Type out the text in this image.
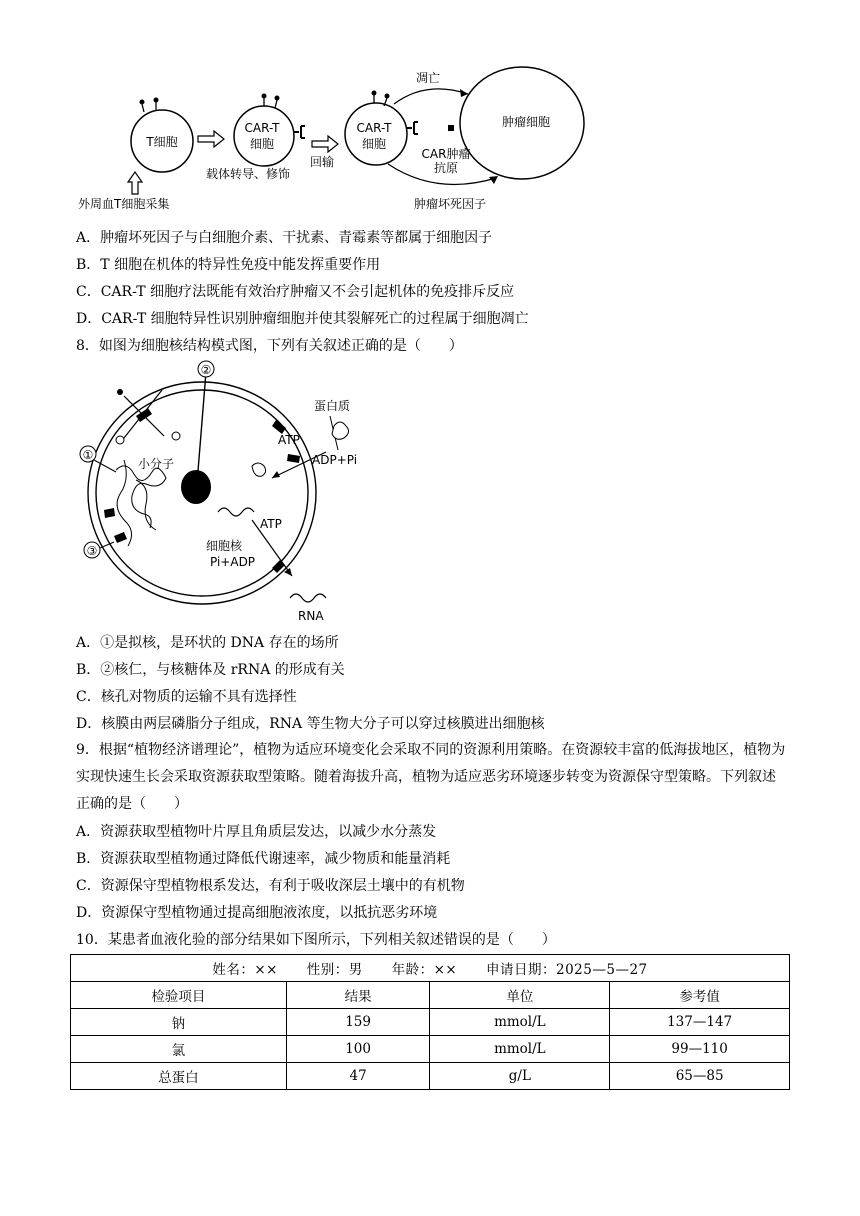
T细胞
CAR-T
细胞
回输
CAR-T
细胞
肿瘤细胞
凋亡
CAR肿瘤
抗原
载体转导、修饰
肿瘤坏死因子
外周血T细胞采集
A．肿瘤坏死因子与白细胞介素、干扰素、青霉素等都属于细胞因子
B．T 细胞在机体的特异性免疫中能发挥重要作用
C．CAR-T 细胞疗法既能有效治疗肿瘤又不会引起机体的免疫排斥反应
D．CAR-T 细胞特异性识别肿瘤细胞并使其裂解死亡的过程属于细胞凋亡
8．如图为细胞核结构模式图，下列有关叙述正确的是（　　）
②
①
③
小分子
蛋白质
ATP
ADP+Pi
ATP
细胞核
Pi+ADP
RNA
A．①是拟核，是环状的 DNA 存在的场所
B．②核仁，与核糖体及 rRNA 的形成有关
C．核孔对物质的运输不具有选择性
D．核膜由两层磷脂分子组成，RNA 等生物大分子可以穿过核膜进出细胞核
9．根据“植物经济谱理论”，植物为适应环境变化会采取不同的资源利用策略。在资源较丰富的低海拔地区，植物为实现快速生长会采取资源获取型策略。随着海拔升高，植物为适应恶劣环境逐步转变为资源保守型策略。下列叙述正确的是（　　）
A．资源获取型植物叶片厚且角质层发达，以减少水分蒸发
B．资源获取型植物通过降低代谢速率，减少物质和能量消耗
C．资源保守型植物根系发达，有利于吸收深层土壤中的有机物
D．资源保守型植物通过提高细胞液浓度，以抵抗恶劣环境
10．某患者血液化验的部分结果如下图所示，下列相关叙述错误的是（　　）
姓名：×× 性别：男 年龄：×× 申请日期：2025—5—27			
检验项目	结果	单位	参考值
钠	159	mmol/L	137—147
氯	100	mmol/L	99—110
总蛋白	47	g/L	65—85
